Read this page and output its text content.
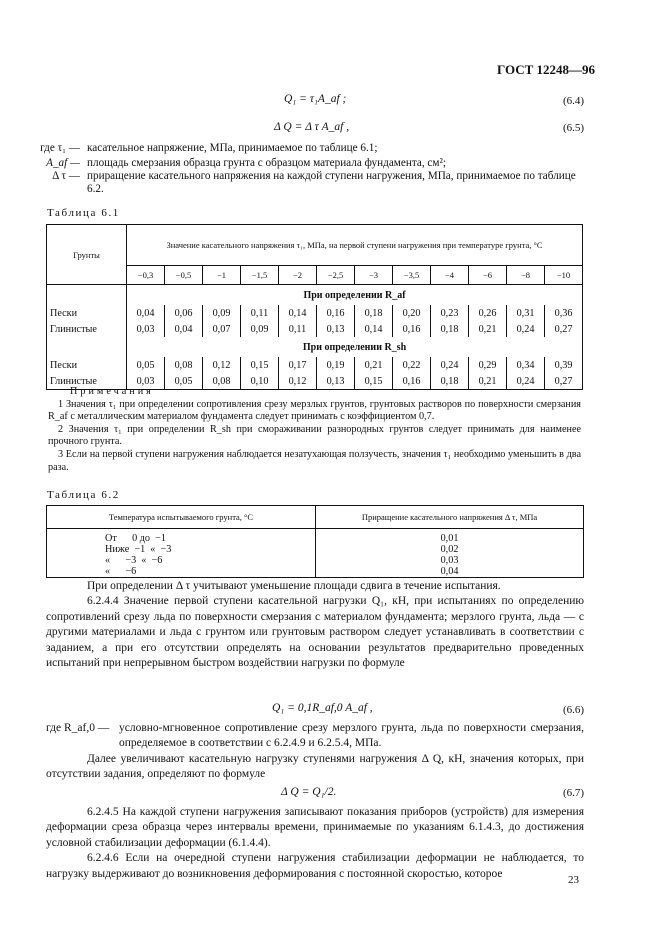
ГОСТ 12248—96
Q₁ = τ₁A_af ;	(6.4)
Δ Q = Δ τ A_af ,	(6.5)
где τ₁ — касательное напряжение, МПа, принимаемое по таблице 6.1;
A_af — площадь смерзания образца грунта с образцом материала фундамента, см²;
Δ τ — приращение касательного напряжения на каждой ступени нагружения, МПа, принимаемое по таблице 6.2.
Таблица 6.1
Грунты	Значение касательного напряжения τ₁, МПа, на первой ступени нагружения при температуре грунта, °С											
	−0,3	−0,5	−1	−1,5	−2	−2,5	−3	−3,5	−4	−6	−8	−10
	При определении R_af											
Пески	0,04	0,06	0,09	0,11	0,14	0,16	0,18	0,20	0,23	0,26	0,31	0,36
Глинистые	0,03	0,04	0,07	0,09	0,11	0,13	0,14	0,16	0,18	0,21	0,24	0,27
	При определении R_sh											
Пески	0,05	0,08	0,12	0,15	0,17	0,19	0,21	0,22	0,24	0,29	0,34	0,39
Глинистые	0,03	0,05	0,08	0,10	0,12	0,13	0,15	0,16	0,18	0,21	0,24	0,27
Примечания

1 Значения τ₁ при определении сопротивления срезу мерзлых грунтов, грунтовых растворов по поверхности смерзания R_af с металлическим материалом фундамента следует принимать с коэффициентом 0,7.

2 Значения τ₁ при определении R_sh при смораживании разнородных грунтов следует принимать для наименее прочного грунта.

3 Если на первой ступени нагружения наблюдается незатухающая ползучесть, значения τ₁ необходимо уменьшить в два раза.

Таблица 6.2
Температура испытываемого грунта, °С	Приращение касательного напряжения Δ τ, МПа
От      0 до  −1	0,01
Ниже  −1  «  −3	0,02
«      −3  «  −6	0,03
«      −6	0,04

При определении Δ τ учитывают уменьшение площади сдвига в течение испытания.

6.2.4.4 Значение первой ступени касательной нагрузки Q₁, кН, при испытаниях по определению сопротивлений срезу льда по поверхности смерзания с материалом фундамента; мерзлого грунта, льда — с другими материалами и льда с грунтом или грунтовым раствором следует устанавливать в соответствии с заданием, а при его отсутствии определять на основании результатов предварительно проведенных испытаний при непрерывном быстром воздействии нагрузки по формуле

Q₁ = 0,1R_af,0 A_af ,	(6.6)
где R_af,0 — условно-мгновенное сопротивление срезу мерзлого грунта, льда по поверхности смерзания, определяемое в соответствии с 6.2.4.9 и 6.2.5.4, МПа.

Далее увеличивают касательную нагрузку ступенями нагружения Δ Q, кН, значения которых, при отсутствии задания, определяют по формуле

Δ Q = Q₁/2.	(6.7)

6.2.4.5 На каждой ступени нагружения записывают показания приборов (устройств) для измерения деформации среза образца через интервалы времени, принимаемые по указаниям 6.1.4.3, до достижения условной стабилизации деформации (6.1.4.4).

6.2.4.6 Если на очередной ступени нагружения стабилизации деформации не наблюдается, то нагрузку выдерживают до возникновения деформирования с постоянной скоростью, которое

23
